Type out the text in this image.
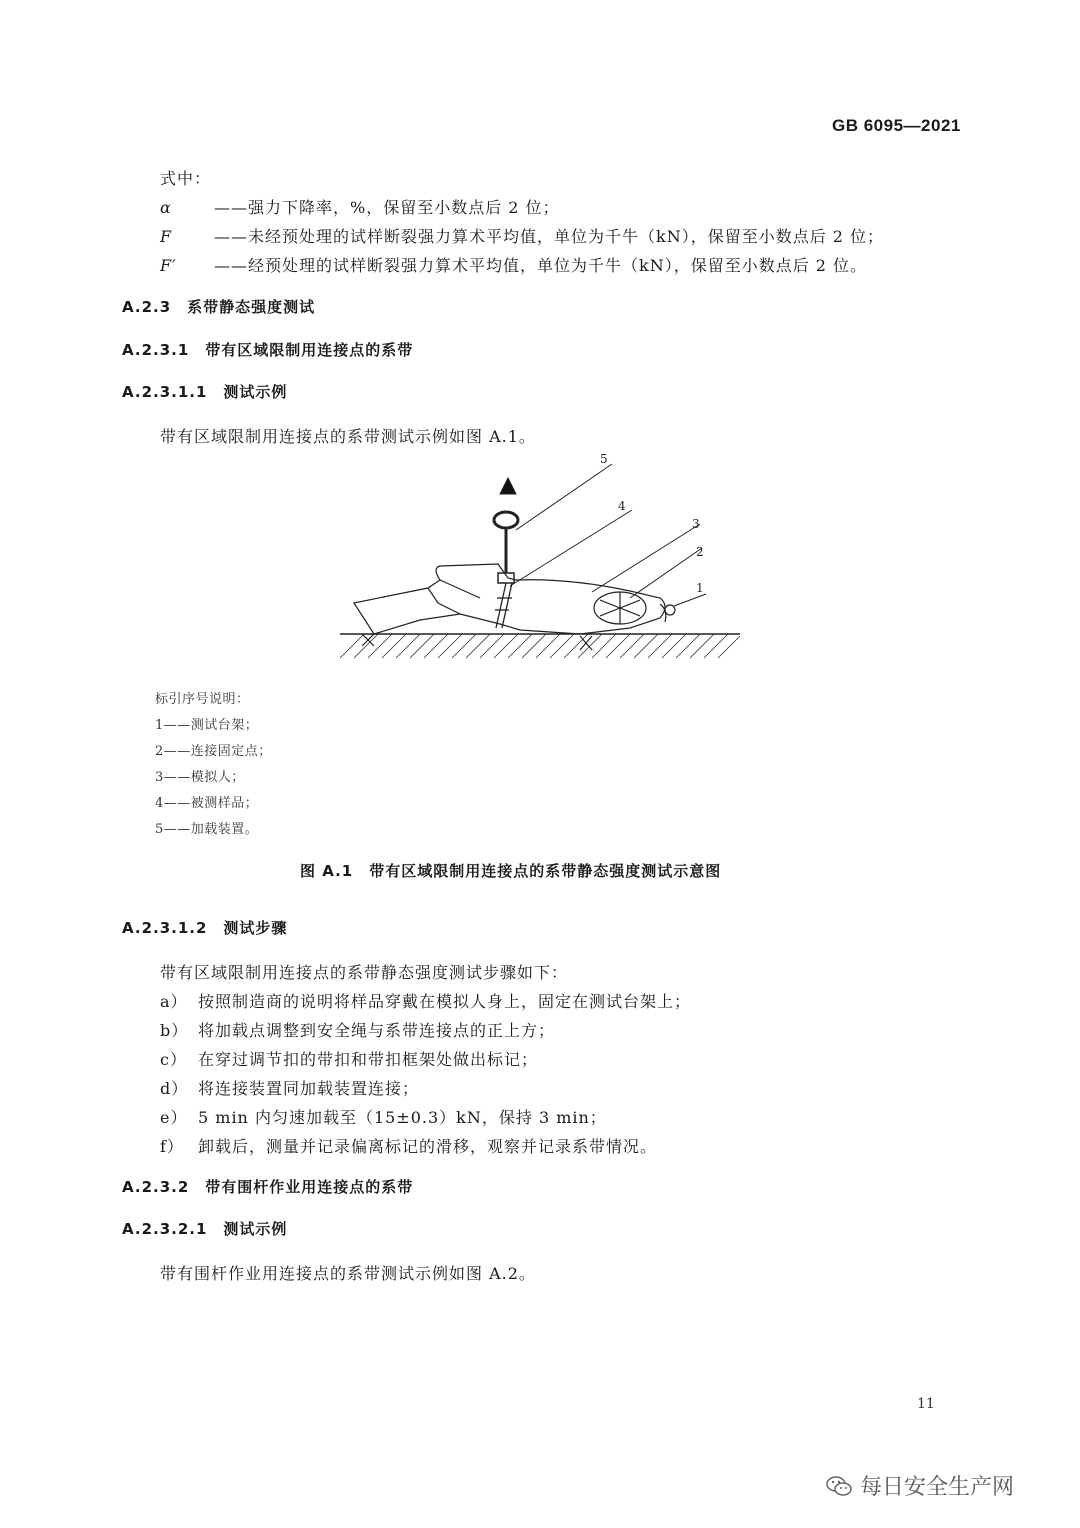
GB 6095—2021
式中：
α	——强力下降率，%，保留至小数点后 2 位；
F	——未经预处理的试样断裂强力算术平均值，单位为千牛（kN），保留至小数点后 2 位；
F′ ——经预处理的试样断裂强力算术平均值，单位为千牛（kN），保留至小数点后 2 位。
A.2.3　系带静态强度测试
A.2.3.1　带有区域限制用连接点的系带
A.2.3.1.1　测试示例
带有区域限制用连接点的系带测试示例如图 A.1。
5
4
3
2
1
标引序号说明：
1——测试台架；
2——连接固定点；
3——模拟人；
4——被测样品；
5——加载装置。
图 A.1　带有区域限制用连接点的系带静态强度测试示意图
A.2.3.1.2　测试步骤
带有区域限制用连接点的系带静态强度测试步骤如下：
a） 按照制造商的说明将样品穿戴在模拟人身上，固定在测试台架上；
b） 将加载点调整到安全绳与系带连接点的正上方；
c） 在穿过调节扣的带扣和带扣框架处做出标记；
d） 将连接装置同加载装置连接；
e） 5 min 内匀速加载至（15±0.3）kN，保持 3 min；
f） 卸载后，测量并记录偏离标记的滑移，观察并记录系带情况。
A.2.3.2　带有围杆作业用连接点的系带
A.2.3.2.1　测试示例
带有围杆作业用连接点的系带测试示例如图 A.2。
11
每日安全生产网
